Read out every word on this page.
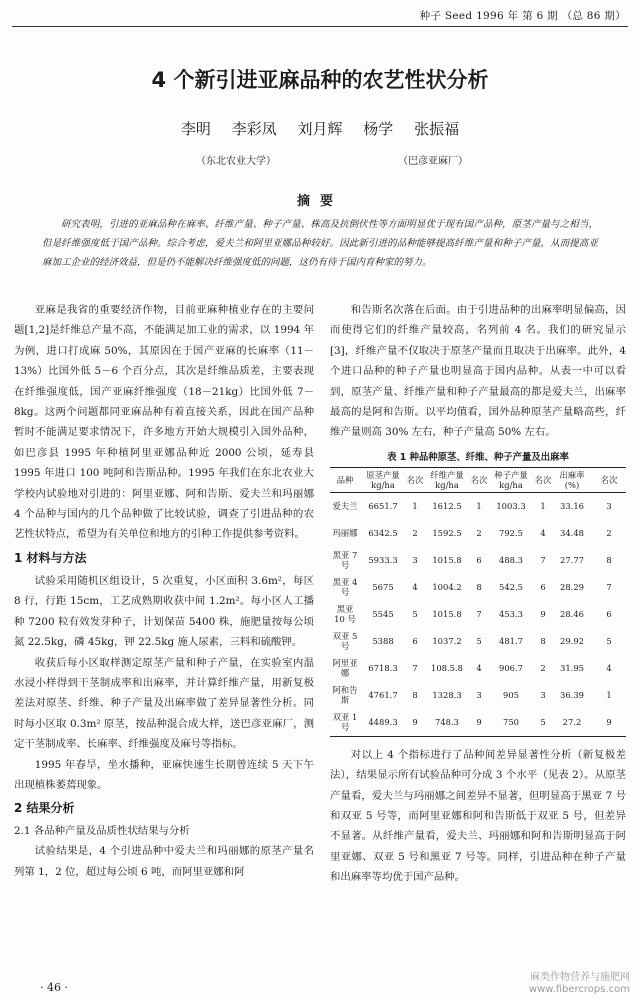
种子 Seed 1996 年 第 6 期 （总 86 期）
4 个新引进亚麻品种的农艺性状分析
李明 李彩凤 刘月辉 杨学 张振福
（东北农业大学）	（巴彦亚麻厂）
摘要
研究表明，引进的亚麻品种在麻率、纤维产量、种子产量、株高及抗倒伏性等方面明显优于现有国产品种，原茎产量与之相当，但是纤维强度低于国产品种。综合考虑，爱夫兰和阿里亚娜品种较好。因此新引进的品种能够提高纤维产量和种子产量，从而提高亚麻加工企业的经济效益，但是仍不能解决纤维强度低的问题，这仍有待于国内育种家的努力。

亚麻是我省的重要经济作物，目前亚麻种植业存在的主要问题[1,2]是纤维总产量不高，不能满足加工业的需求，以 1994 年为例，进口打成麻 50%，其原因在于国产亚麻的长麻率（11－13%）比国外低 5－6 个百分点，其次是纤维品质差，主要表现在纤维强度低，国产亚麻纤维强度（18－21kg）比国外低 7－8kg。这两个问题都同亚麻品种有着直接关系，因此在国产品种暂时不能满足要求情况下，许多地方开始大规模引入国外品种，如巴彦县 1995 年种植阿里亚娜品种近 2000 公顷，延寿县 1995 年进口 100 吨阿和告斯品种。1995 年我们在东北农业大学校内试验地对引进的：阿里亚娜、阿和告斯、爱夫兰和玛丽娜 4 个品种与国内的几个品种做了比较试验，调查了引进品种的农艺性状特点，希望为有关单位和地方的引种工作提供参考资料。

1 材料与方法

试验采用随机区组设计，5 次重复，小区面积 3.6m²，每区 8 行，行距 15cm，工艺成熟期收获中间 1.2m²。每小区人工播种 7200 粒有效发芽种子，计划保苗 5400 株，施肥量按每公顷氮 22.5kg，磷 45kg，钾 22.5kg 施人尿素，三料和硫酸钾。

收获后每小区取样测定原茎产量和种子产量，在实验室内温水浸小样得到干茎制成率和出麻率，并计算纤维产量，用新复极差法对原茎、纤维、种子产量及出麻率做了差异显著性分析。同时每小区取 0.3m² 原茎，按品种混合成大样，送巴彦亚麻厂，测定干茎制成率、长麻率、纤维强度及麻号等指标。

1995 年春旱，坐水播种，亚麻快速生长期曾连续 5 天下午出现植株萎蔫现象。

2 结果分析
2.1 各品种产量及品质性状结果与分析

试验结果是，4 个引进品种中爱夫兰和玛丽娜的原茎产量名列第 1，2 位，超过每公顷 6 吨，而阿里亚娜和阿

和告斯名次落在后面。由于引进品种的出麻率明显偏高，因而使得它们的纤维产量较高，名列前 4 名。我们的研究显示[3]，纤维产量不仅取决于原茎产量而且取决于出麻率。此外，4 个进口品种的种子产量也明显高于国内品种。从表一中可以看到，原茎产量、纤维产量和种子产量最高的都是爱夫兰，出麻率最高的是阿和告斯。以平均值看，国外品种原茎产量略高些，纤维产量则高 30% 左右，种子产量高 50% 左右。

表 1 种品种原茎、纤维、种子产量及出麻率
品种	原茎产量 kg/ha	名次	纤维产量 kg/ha	名次	种子产量 kg/ha	名次	出麻率 (%)	名次
爱夫兰	6651.7	1	1612.5	1	1003.3	1	33.16	3
玛丽娜	6342.5	2	1592.5	2	792.5	4	34.48	2
黑亚 7 号	5933.3	3	1015.8	6	488.3	7	27.77	8
黑亚 4 号	5675	4	1004.2	8	542.5	6	28.29	7
黑亚 10 号	5545	5	1015.8	7	453.3	9	28.46	6
双亚 5 号	5388	6	1037.2	5	481.7	8	29.92	5
阿里亚娜	6718.3	7	108.5.8	4	906.7	2	31.95	4
阿和告斯	4761.7	8	1328.3	3	905	3	36.39	1
双亚 1 号	4489.3	9	748.3	9	750	5	27.2	9

对以上 4 个指标进行了品种间差异显著性分析（新复极差法），结果显示所有试验品种可分成 3 个水平（见表 2）。从原茎产量看，爱夫兰与玛丽娜之间差异不显著，但明显高于黑亚 7 号和双亚 5 号等，而阿里亚娜和阿和告斯低于双亚 5 号，但差异不显著。从纤维产量看，爱夫兰、玛丽娜和阿和告斯明显高于阿里亚娜、双亚 5 号和黑亚 7 号等。同样，引进品种在种子产量和出麻率等均优于国产品种。

· 46 ·
麻类作物营养与施肥网
www.fibercrops.com
